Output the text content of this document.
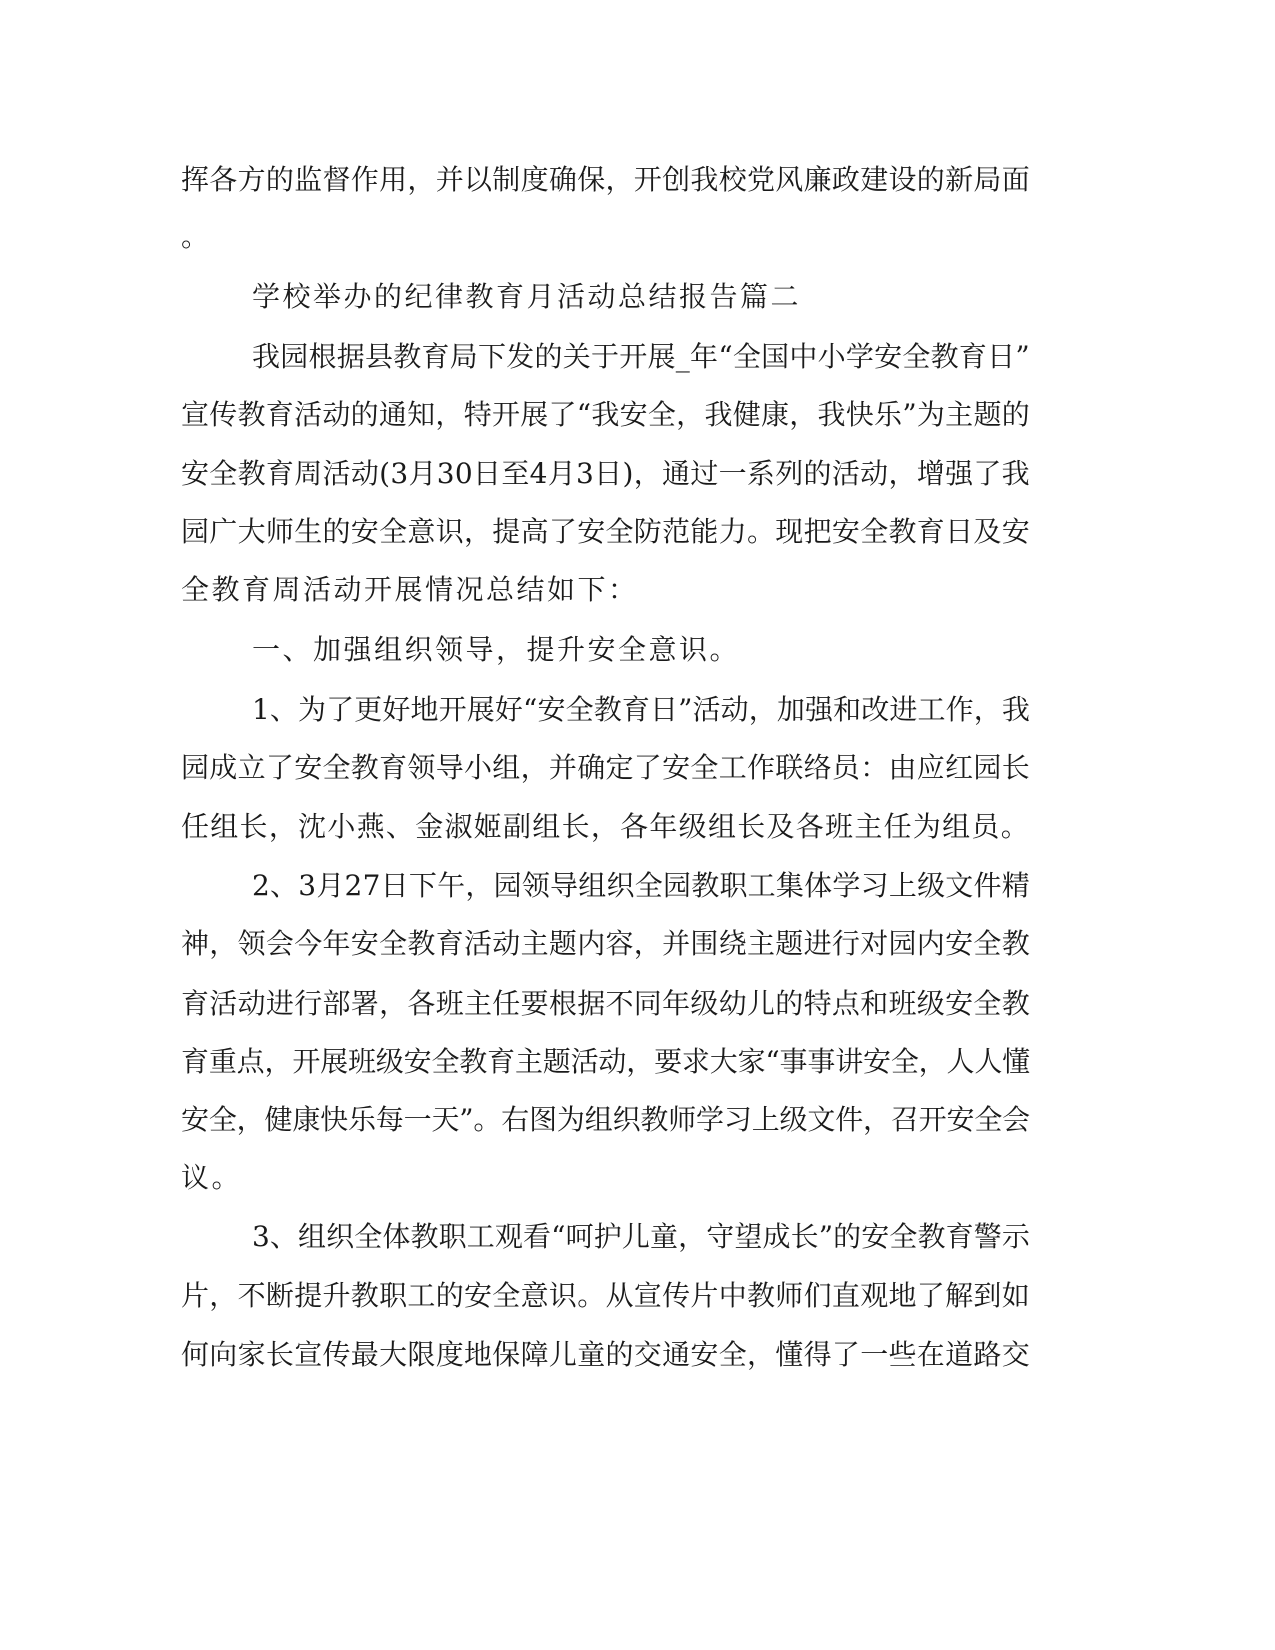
挥各方的监督作用，并以制度确保，开创我校党风廉政建设的新局面
。
学校举办的纪律教育月活动总结报告篇二
我园根据县教育局下发的关于开展_年“全国中小学安全教育日”
宣传教育活动的通知，特开展了“我安全，我健康，我快乐”为主题的
安全教育周活动(3月30日至4月3日)，通过一系列的活动，增强了我
园广大师生的安全意识，提高了安全防范能力。现把安全教育日及安
全教育周活动开展情况总结如下：
一、加强组织领导，提升安全意识。
1、为了更好地开展好“安全教育日”活动，加强和改进工作，我
园成立了安全教育领导小组，并确定了安全工作联络员：由应红园长
任组长，沈小燕、金淑姬副组长，各年级组长及各班主任为组员。
2、3月27日下午，园领导组织全园教职工集体学习上级文件精
神，领会今年安全教育活动主题内容，并围绕主题进行对园内安全教
育活动进行部署，各班主任要根据不同年级幼儿的特点和班级安全教
育重点，开展班级安全教育主题活动，要求大家“事事讲安全，人人懂
安全，健康快乐每一天”。右图为组织教师学习上级文件，召开安全会
议。
3、组织全体教职工观看“呵护儿童，守望成长”的安全教育警示
片，不断提升教职工的安全意识。从宣传片中教师们直观地了解到如
何向家长宣传最大限度地保障儿童的交通安全，懂得了一些在道路交
